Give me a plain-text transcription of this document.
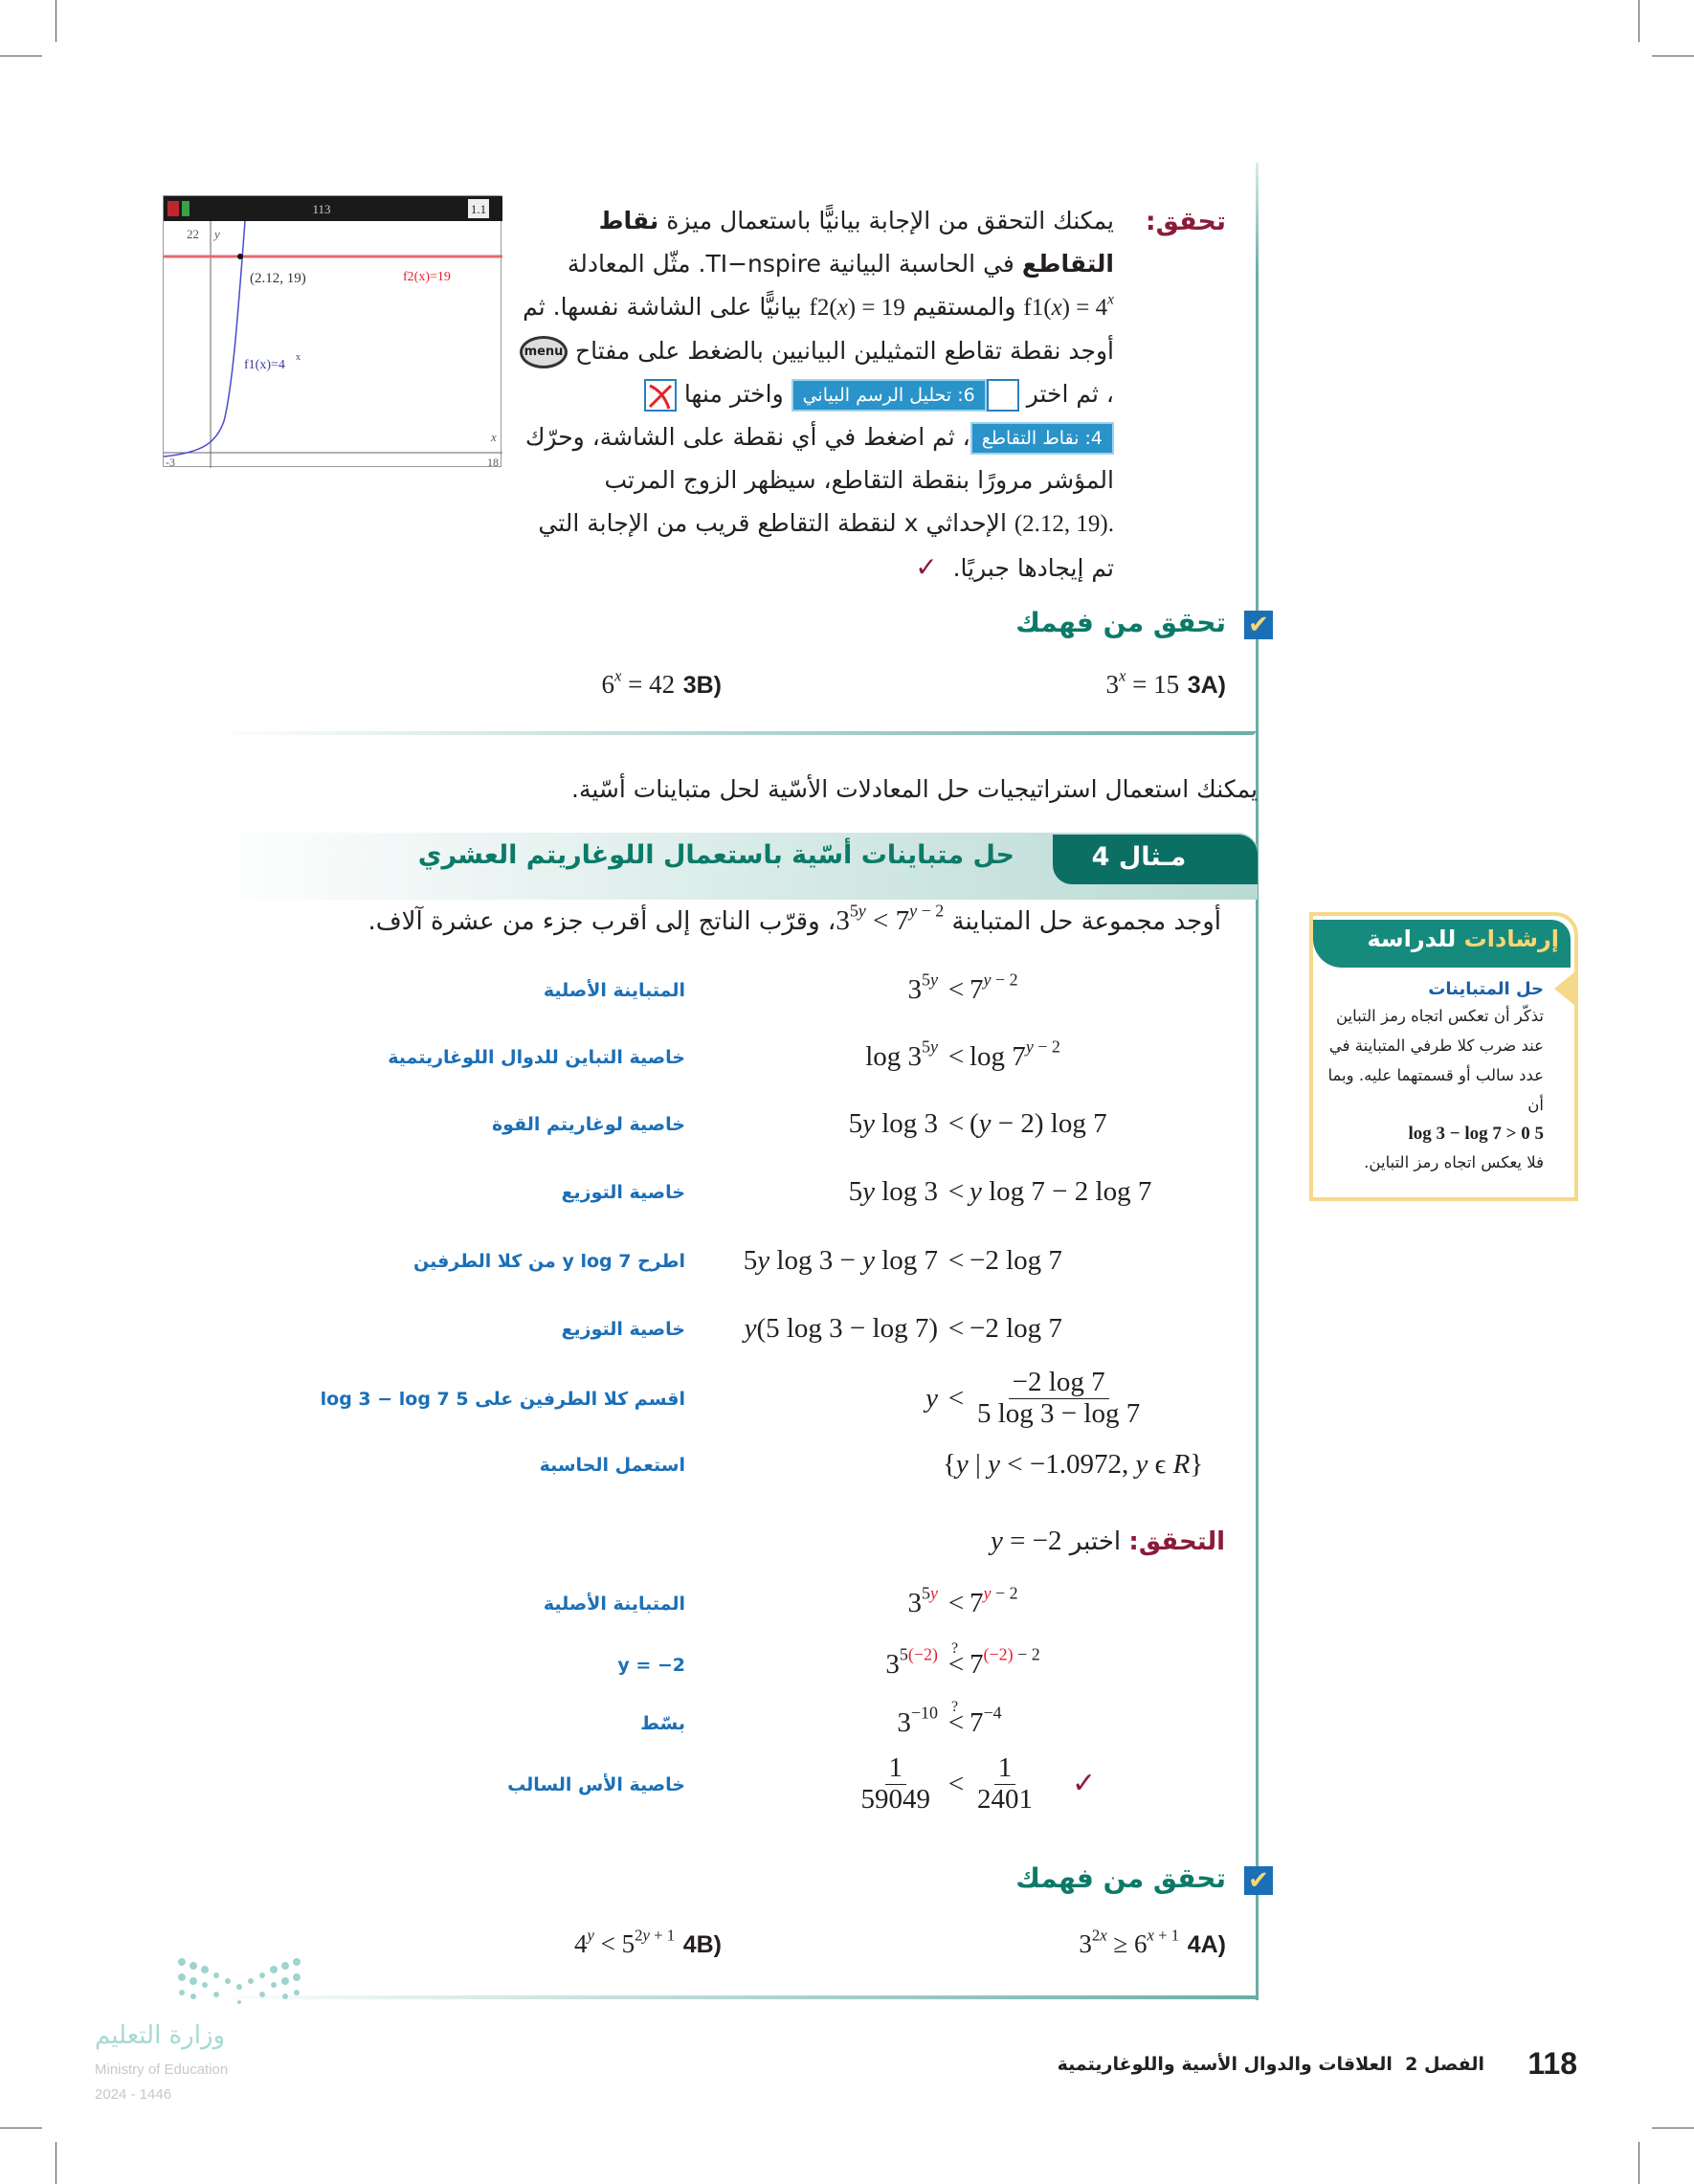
113	1.1
22 y
x
-3	18
(2.12, 19)	f2(x)=19
f1(x)=4
x
تحقق:
يمكنك التحقق من الإجابة بيانيًّا باستعمال ميزة نقاط التقاطع في الحاسبة البيانية TI−nspire. مثّل المعادلة $f1(x) = 4^x$ والمستقيم f2(x) = 19 بيانيًّا على الشاشة نفسها. ثم أوجد نقطة تقاطع التمثيلين البيانيين بالضغط على مفتاح menu، ثم اختر 6: تحليل الرسم البياني واختر منها 4: نقاط التقاطع، ثم اضغط في أي نقطة على الشاشة، وحرّك المؤشر مرورًا بنقطة التقاطع، سيظهر الزوج المرتب (2.12, 19). الإحداثي x لنقطة التقاطع قريب من الإجابة التي تم إيجادها جبريًا.  ✓
✔
تحقق من فهمك
(3A $3^x = 15$
(3B $6^x = 42$
يمكنك استعمال استراتيجيات حل المعادلات الأسّية لحل متباينات أسّية.
مـثال 4
حل متباينات أسّية باستعمال اللوغاريتم العشري
أوجد مجموعة حل المتباينة $3^{5y}$ < $7^{y - 2}،$ وقرّب الناتج إلى أقرب جزء من عشرة آلاف.
المتباينة الأصلية	$3^{5y} < 7^{y - 2}$
خاصية التباين للدوال اللوغاريتمية	$\log 3^{5y} < \log 7^{y - 2}$
خاصية لوغاريتم القوة	5y log 3 < (y − 2) log 7
خاصية التوزيع	5y log 3 < y log 7 − 2 log 7
اطرح y log 7 من كلا الطرفين	5y log 3 − y log 7 < −2 log 7
خاصية التوزيع	y(5 log 3 − log 7) < −2 log 7
اقسم كلا الطرفين على 5 log 3 − log 7	$y < \frac{-2 \log 7}{5 \log 3 - \log 7}$
استعمل الحاسبة	{y | y < −1.0972, y ϵ R}
التحقق: اختبر y = −2
المتباينة الأصلية	$3^{5y} < 7^{y - 2}$
y = −2	$3^{5(-2)}$ ? < $7^{(-2) - 2}$
بسّط	$3^{-10}$ ? < $7^{-4}$
خاصية الأس السالب	$\frac{1}{59049} < \frac{1}{2401}$ ✓
✔
تحقق من فهمك
(4A $3^{2x} \ge 6^{x + 1}$
(4B $4^y < 5^{2y + 1}$
إرشادات للدراسة
حل المتباينات
تذكّر أن تعكس اتجاه رمز التباين عند ضرب كلا طرفي المتباينة في عدد سالب أو قسمتهما عليه. وبما أن
5 log 3 − log 7 > 0
فلا يعكس اتجاه رمز التباين.
وزارة التعليم
Ministry of Education
2024 - 1446
118
الفصل 2  العلاقات والدوال الأسية واللوغاريتمية
